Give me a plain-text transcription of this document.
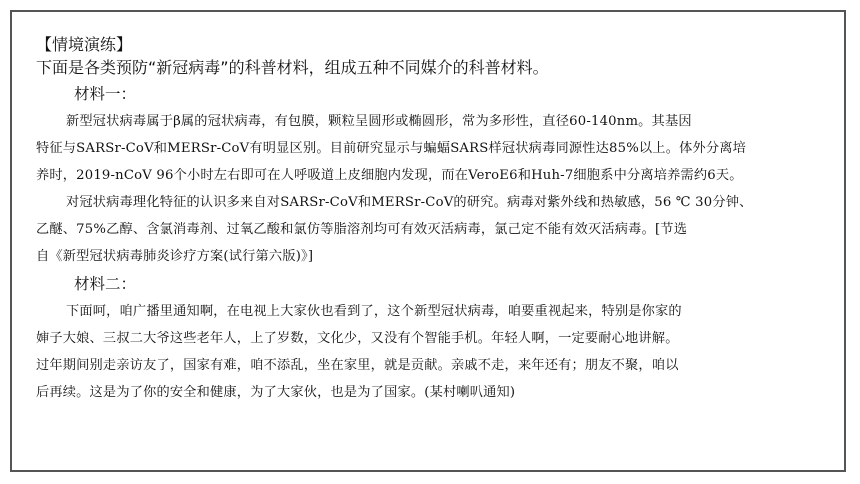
【情境演练】

下面是各类预防“新冠病毒”的科普材料，组成五种不同媒介的科普材料。

材料一：

新型冠状病毒属于β属的冠状病毒，有包膜，颗粒呈圆形或椭圆形，常为多形性，直径60-140nm。其基因
特征与SARSr-CoV和MERSr-CoV有明显区别。目前研究显示与蝙蝠SARS样冠状病毒同源性达85%以上。体外分离培
养时，2019-nCoV 96个小时左右即可在人呼吸道上皮细胞内发现，而在VeroE6和Huh-7细胞系中分离培养需约6天。
对冠状病毒理化特征的认识多来自对SARSr-CoV和MERSr-CoV的研究。病毒对紫外线和热敏感，56 ℃ 30分钟、
乙醚、75%乙醇、含氯消毒剂、过氧乙酸和氯仿等脂溶剂均可有效灭活病毒，氯己定不能有效灭活病毒。[节选
自《新型冠状病毒肺炎诊疗方案(试行第六版)》]

材料二：

下面呵，咱广播里通知啊，在电视上大家伙也看到了，这个新型冠状病毒，咱要重视起来，特别是你家的
婶子大娘、三叔二大爷这些老年人，上了岁数，文化少，又没有个智能手机。年轻人啊，一定要耐心地讲解。
过年期间别走亲访友了，国家有难，咱不添乱，坐在家里，就是贡献。亲戚不走，来年还有；朋友不聚，咱以
后再续。这是为了你的安全和健康，为了大家伙，也是为了国家。(某村喇叭通知)
